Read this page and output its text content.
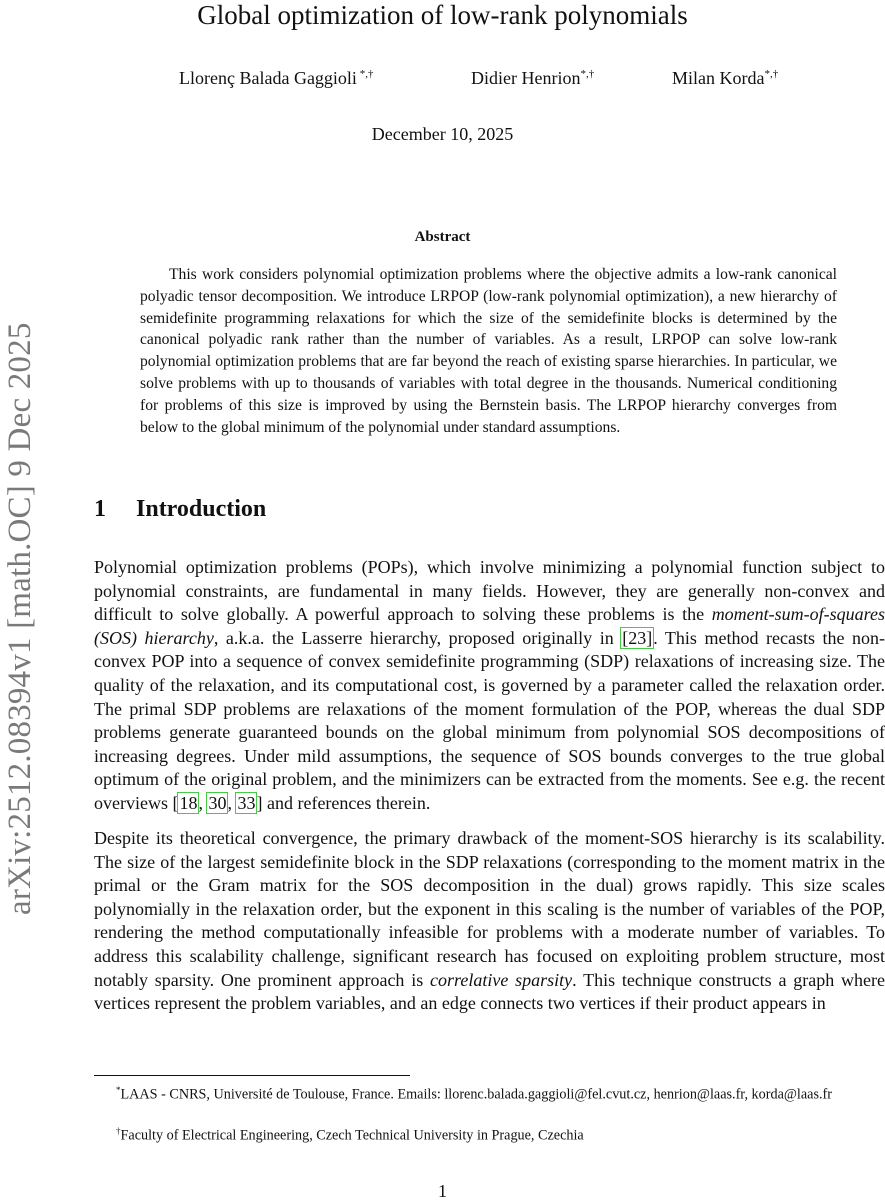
arXiv:2512.08394v1 [math.OC] 9 Dec 2025
Global optimization of low-rank polynomials
Llorenç Balada Gaggioli *,†	Didier Henrion*,†	Milan Korda*,†
December 10, 2025
Abstract

This work considers polynomial optimization problems where the objective admits a low-rank canonical polyadic tensor decomposition. We introduce LRPOP (low-rank polynomial optimization), a new hierarchy of semidefinite programming relaxations for which the size of the semidefinite blocks is determined by the canonical polyadic rank rather than the number of variables. As a result, LRPOP can solve low-rank polynomial optimization problems that are far beyond the reach of existing sparse hierarchies. In particular, we solve problems with up to thousands of variables with total degree in the thousands. Numerical conditioning for problems of this size is improved by using the Bernstein basis. The LRPOP hierarchy converges from below to the global minimum of the polynomial under standard assumptions.

1 Introduction

Polynomial optimization problems (POPs), which involve minimizing a polynomial function subject to polynomial constraints, are fundamental in many fields. However, they are generally non-convex and difficult to solve globally. A powerful approach to solving these problems is the moment-sum-of-squares (SOS) hierarchy, a.k.a. the Lasserre hierarchy, proposed originally in [23]. This method recasts the non-convex POP into a sequence of convex semidefinite programming (SDP) relaxations of increasing size. The quality of the relaxation, and its computational cost, is governed by a parameter called the relaxation order. The primal SDP problems are relaxations of the moment formulation of the POP, whereas the dual SDP problems generate guaranteed bounds on the global minimum from polynomial SOS decompositions of increasing degrees. Under mild assumptions, the sequence of SOS bounds converges to the true global optimum of the original problem, and the minimizers can be extracted from the moments. See e.g. the recent overviews [18, 30, 33] and references therein.

Despite its theoretical convergence, the primary drawback of the moment-SOS hierarchy is its scalability. The size of the largest semidefinite block in the SDP relaxations (corresponding to the moment matrix in the primal or the Gram matrix for the SOS decomposition in the dual) grows rapidly. This size scales polynomially in the relaxation order, but the exponent in this scaling is the number of variables of the POP, rendering the method computationally infeasible for problems with a moderate number of variables. To address this scalability challenge, significant research has focused on exploiting problem structure, most notably sparsity. One prominent approach is correlative sparsity. This technique constructs a graph where vertices represent the problem variables, and an edge connects two vertices if their product appears in

*LAAS - CNRS, Université de Toulouse, France. Emails: llorenc.balada.gaggioli@fel.cvut.cz, henrion@laas.fr, korda@laas.fr

†Faculty of Electrical Engineering, Czech Technical University in Prague, Czechia

1
